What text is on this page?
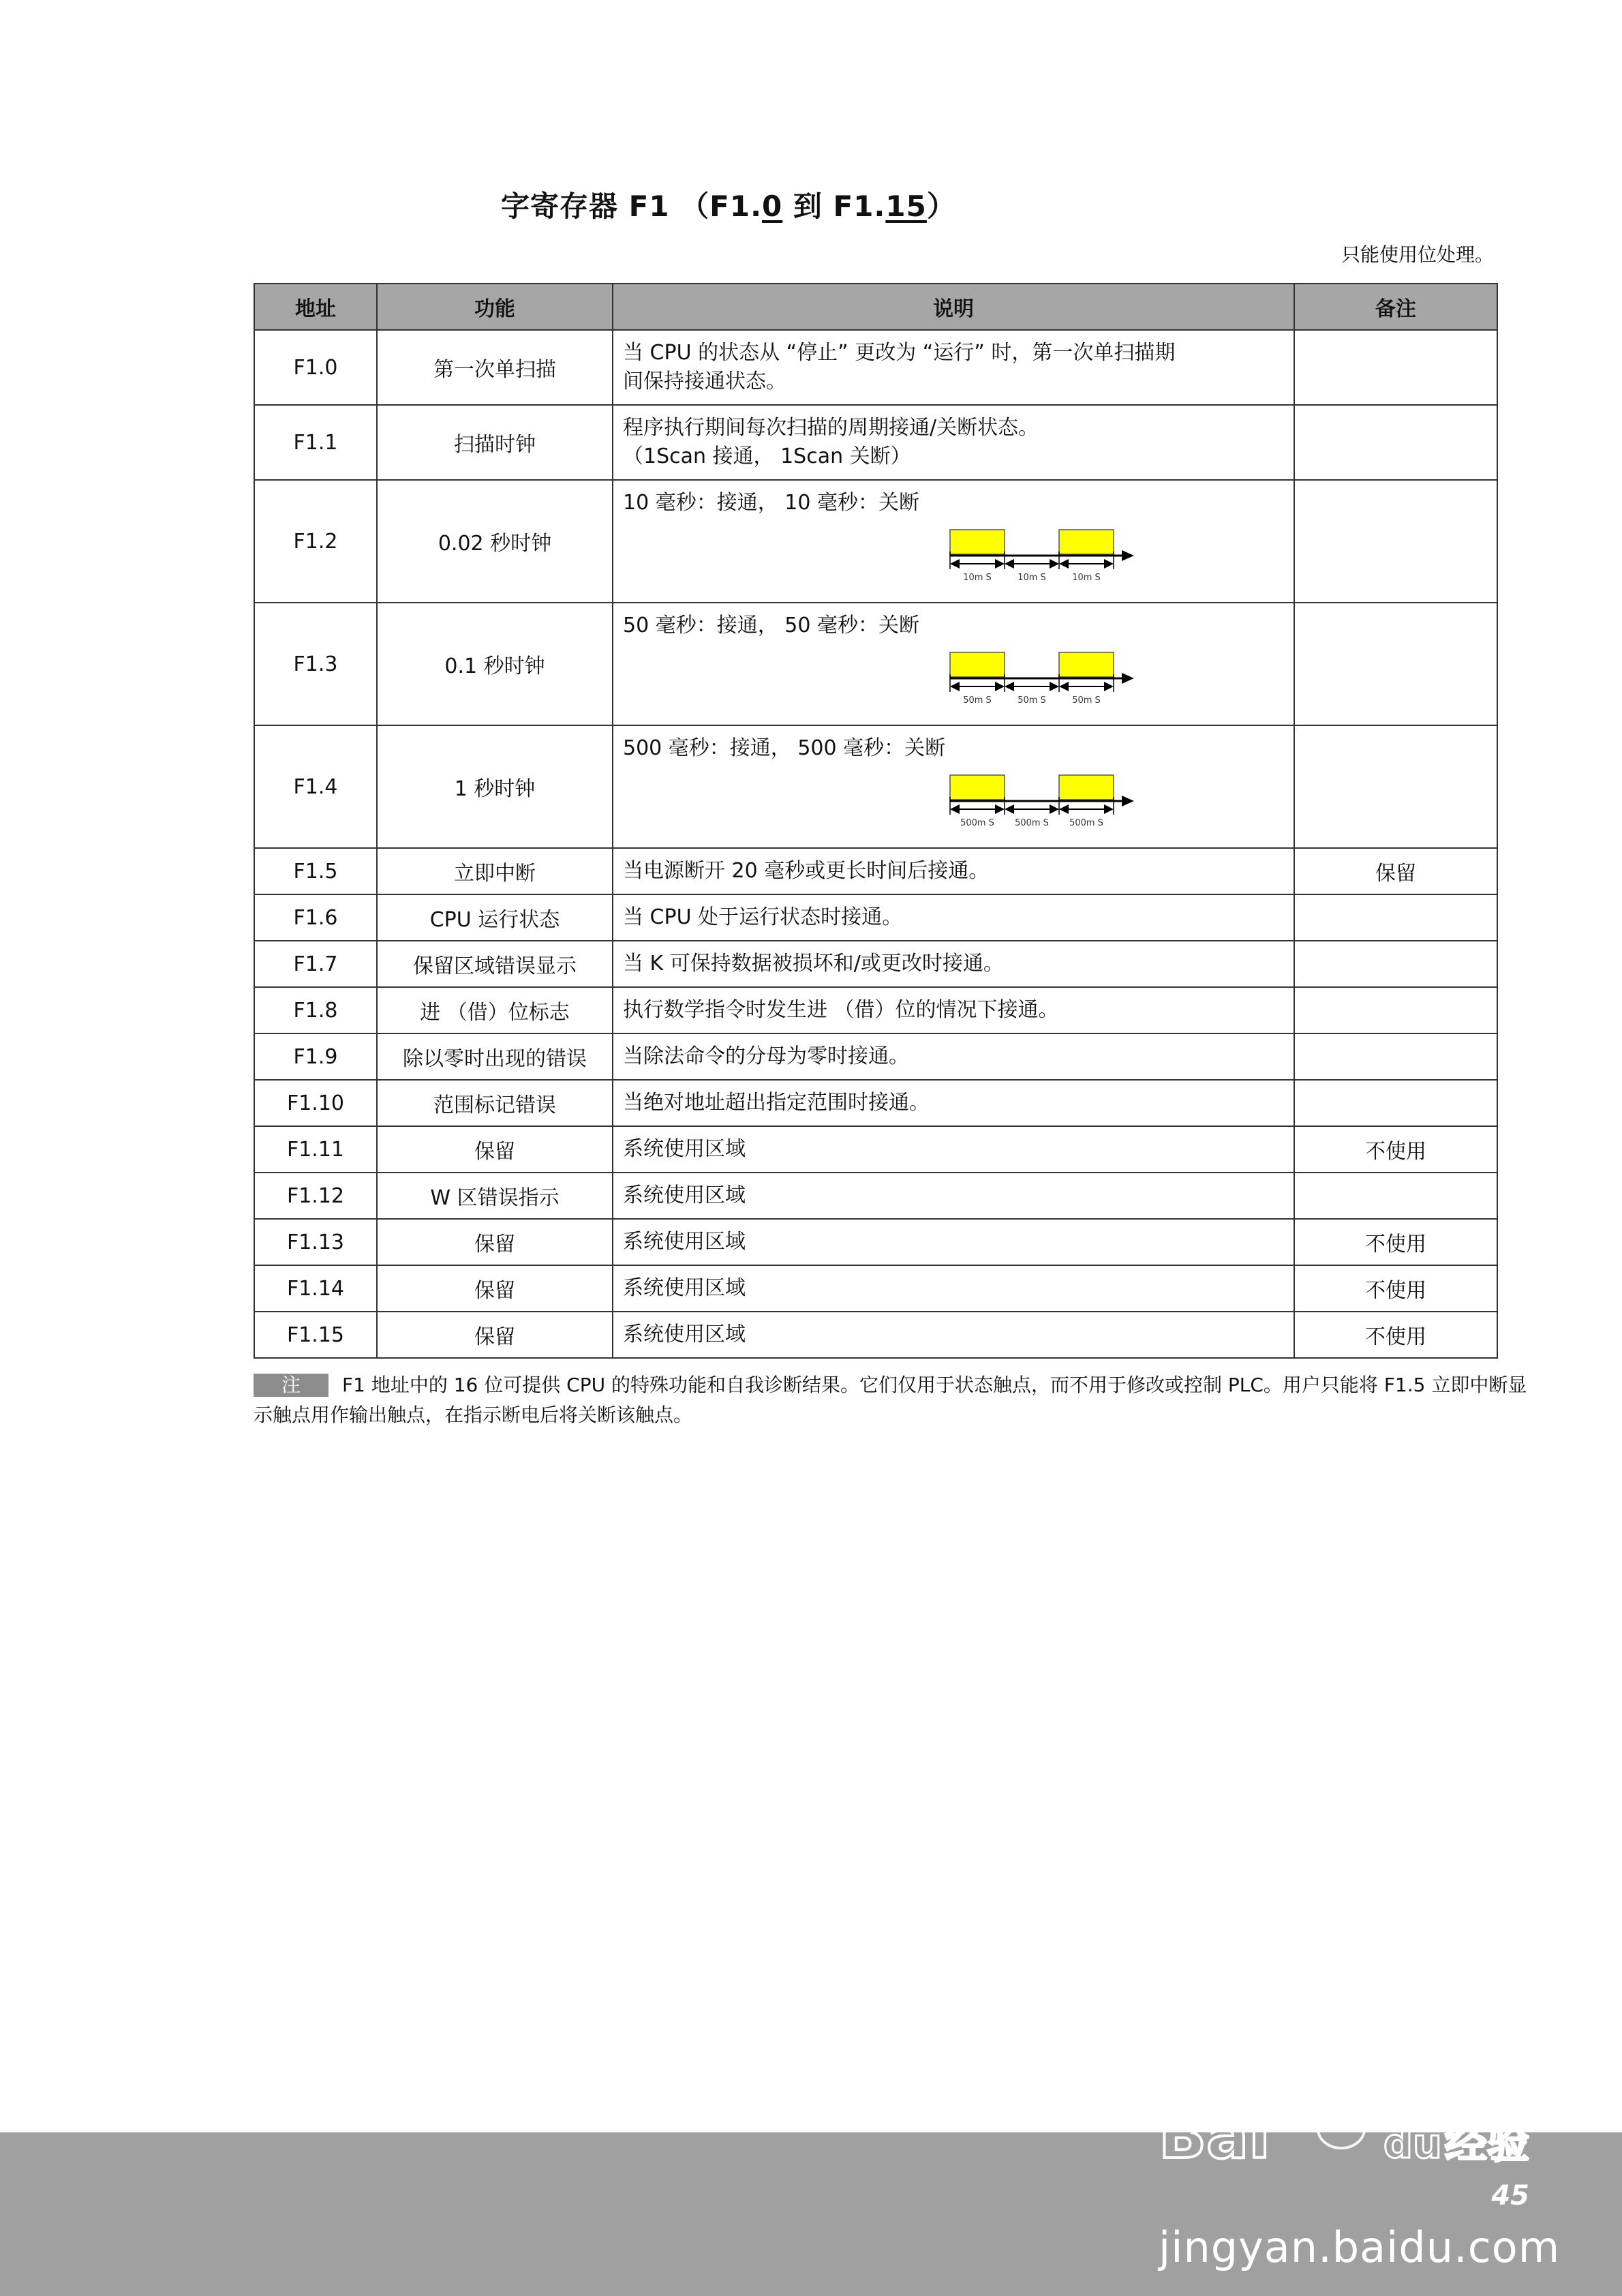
字寄存器 F1 （F1.0 到 F1.15）
只能使用位处理。
地址	功能	说明	备注
F1.0	第一次单扫描	当 CPU 的状态从 “停止” 更改为 “运行” 时，第一次单扫描期
间保持接通状态。	
F1.1	扫描时钟	程序执行期间每次扫描的周期接通/关断状态。
（1Scan 接通， 1Scan 关断）	
F1.2	0.02 秒时钟	10 毫秒：接通， 10 毫秒：关断
10m S 10m S 10m S	

F1.3	0.1 秒时钟	50 毫秒：接通， 50 毫秒：关断
50m S 50m S 50m S	

F1.4	1 秒时钟	500 毫秒：接通， 500 毫秒：关断
500m S 500m S 500m S	

F1.5	立即中断	当电源断开 20 毫秒或更长时间后接通。	保留
F1.6	CPU 运行状态	当 CPU 处于运行状态时接通。	
F1.7	保留区域错误显示	当 K 可保持数据被损坏和/或更改时接通。	
F1.8	进 （借）位标志	执行数学指令时发生进 （借）位的情况下接通。	
F1.9	除以零时出现的错误	当除法命令的分母为零时接通。	
F1.10	范围标记错误	当绝对地址超出指定范围时接通。	
F1.11	保留	系统使用区域	不使用
F1.12	W 区错误指示	系统使用区域	
F1.13	保留	系统使用区域	不使用
F1.14	保留	系统使用区域	不使用
F1.15	保留	系统使用区域	不使用
注 F1 地址中的 16 位可提供 CPU 的特殊功能和自我诊断结果。它们仅用于状态触点，而不用于修改或控制 PLC。用户只能将 F1.5 立即中断显示触点用作输出触点，在指示断电后将关断该触点。
Bai	du 经验
jingyan.baidu.com
45
